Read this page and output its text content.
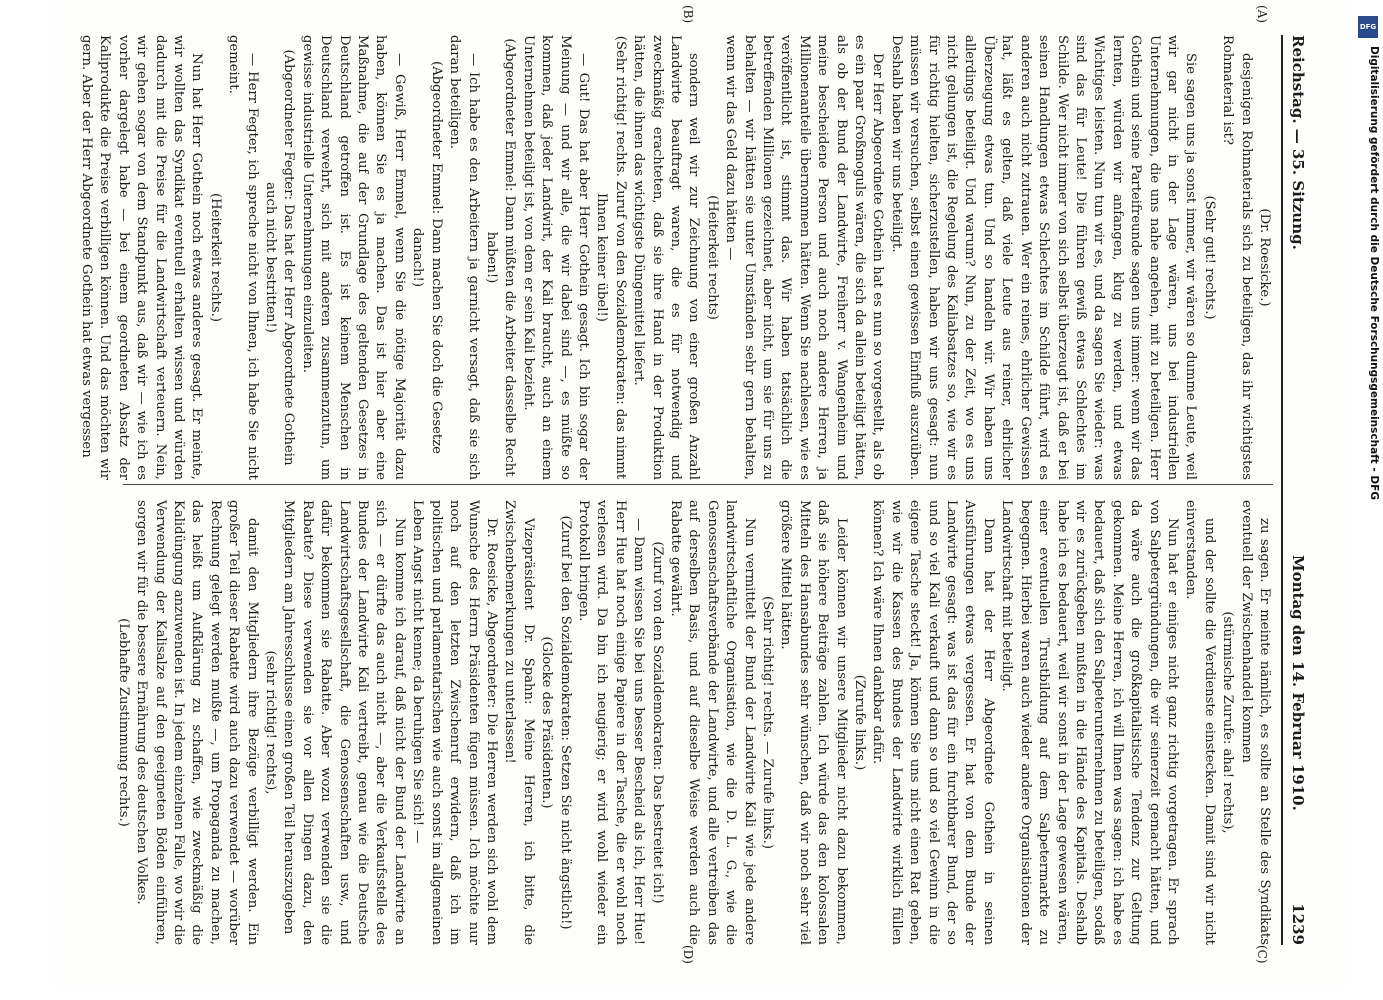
Reichstag. — 35. Sitzung.
Montag den 14. Februar 1910.
1239
(A)
(B)
(C)
(D)

(Dr. Roesicke.)

desjenigen Rohmaterials sich zu beteiligen, das ihr wichtigstes Rohmaterial ist?

(Sehr gut! rechts.)

Sie sagen uns ja sonst immer, wir wären so dumme Leute, weil wir gar nicht in der Lage wären, uns bei industriellen Unternehmungen, die uns nahe angehen, mit zu beteiligen. Herr Gothein und seine Parteifreunde sagen uns immer: wenn wir das lernten, würden wir anfangen, klug zu werden, und etwas Wichtiges leisten. Nun tun wir es, und da sagen Sie wieder: was sind das für Leute! Die führen gewiß etwas Schlechtes im Schilde. Wer nicht immer von sich selbst überzeugt ist, daß er bei seinen Handlungen etwas Schlechtes im Schilde führt, wird es anderen auch nicht zutrauen. Wer ein reines, ehrlicher Gewissen hat, läßt es gelten, daß viele Leute aus reiner, ehrlicher Überzeugung etwas tun. Und so handeln wir. Wir haben uns allerdings beteiligt. Und warum? Nun, zu der Zeit, wo es uns nicht gelungen ist, die Regelung des Kaliabsatzes so, wie wir es für richtig hielten, sicherzustellen, haben wir uns gesagt: nun müssen wir versuchen, selbst einen gewissen Einfluß auszuüben. Deshalb haben wir uns beteiligt.

Der Herr Abgeordnete Gothein hat es nun so vorgestellt, als ob es ein paar Großmoguls wären, die sich da allein beteiligt hätten, als ob der Bund der Landwirte, Freiherr v. Wangenheim und meine bescheidene Person und auch noch andere Herren, ja Millionenanteile übernommen hätten. Wenn Sie nachlesen, wie es veröffentlicht ist, stimmt das. Wir haben tatsächlich die betreffenden Millionen gezeichnet, aber nicht, um sie für uns zu behalten — wir hätten sie unter Umständen sehr gern behalten, wenn wir das Geld dazu hätten —

(Heiterkeit rechts)

sondern weil wir zur Zeichnung von einer großen Anzahl Landwirte beauftragt waren, die es für notwendig und zweckmäßig erachteten, daß sie ihre Hand in der Produktion hätten, die ihnen das wichtigste Düngemittel liefert.

(Sehr richtig! rechts. Zuruf von den Sozialdemokraten: das nimmt Ihnen keiner übel!)

— Gut! Das hat aber Herr Gothein gesagt. Ich bin sogar der Meinung — und wir alle, die wir dabei sind —, es müßte so kommen, daß jeder Landwirt, der Kali braucht, auch an einem Unternehmen beteiligt ist, von dem er sein Kali bezieht.

(Abgeordneter Emmel: Dann müßten die Arbeiter dasselbe Recht haben!)

— Ich habe es den Arbeitern ja garnicht versagt, daß sie sich daran beteiligen.

(Abgeordneter Emmel: Dann machen Sie doch die Gesetze danach!)

— Gewiß, Herr Emmel, wenn Sie die nötige Majorität dazu haben, können Sie es ja machen. Das ist hier aber eine Maßnahme, die auf der Grundlage des geltenden Gesetzes in Deutschland getroffen ist. Es ist keinem Menschen in Deutschland verwehrt, sich mit anderen zusammenzutun, um gewisse industrielle Unternehmungen einzuleiten.

(Abgeordneter Fegter: Das hat der Herr Abgeordnete Gothein auch nicht bestritten!)

— Herr Fegter, ich spreche nicht von Ihnen, ich habe Sie nicht gemeint.

(Heiterkeit rechts.)

Nun hat Herr Gothein noch etwas anderes gesagt. Er meinte, wir wollten das Syndikat eventuell erhalten wissen und würden dadurch mit die Preise für die Landwirtschaft verteuern. Nein, wir gehen sogar von dem Standpunkt aus, daß wir — wie ich es vorher dargelegt habe — bei einem geordneten Absatz der Kaliprodukte die Preise verbilligen können. Und das möchten wir gern. Aber der Herr Abgeordnete Gothein hat etwas vergessen

zu sagen. Er meinte nämlich, es sollte an Stelle des Syndikats eventuell der Zwischenhandel kommen

(stürmische Zurufe: aha! rechts),

und der sollte die Verdienste einstecken. Damit sind wir nicht einverstanden.

Nun hat er einiges nicht ganz richtig vorgetragen. Er sprach von Salpetergründungen, die wir seinerzeit gemacht hätten, und da wäre auch die großkapitalistische Tendenz zur Geltung gekommen. Meine Herren, ich will Ihnen was sagen: ich habe es bedauert, daß sich den Salpeterunternehmen zu beteiligen, sodaß wir es zurückgeben mußten in die Hände des Kapitals. Deshalb habe ich es bedauert, weil wir sonst in der Lage gewesen wären, einer eventuellen Trustbildung auf dem Salpetermarkte zu begegnen. Hierbei waren auch wieder andere Organisationen der Landwirtschaft mit beteiligt.

Dann hat der Herr Abgeordnete Gothein in seinen Ausführungen etwas vergessen. Er hat von dem Bunde der Landwirte gesagt: was ist das für ein furchtbarer Bund, der so und so viel Kali verkauft und dann so und so viel Gewinn in die eigene Tasche steckt! Ja, können Sie uns nicht einen Rat geben, wie wir die Kassen des Bundes der Landwirte wirklich füllen können? Ich wäre Ihnen dankbar dafür.

(Zurufe links.)

Leider können wir unsere Mitglieder nicht dazu bekommen, daß sie höhere Beiträge zahlen. Ich würde das den kolossalen Mitteln des Hansabundes sehr wünschen, daß wir noch sehr viel größere Mittel hätten.

(Sehr richtig! rechts. — Zurufe links.)

Nun vermittelt der Bund der Landwirte Kali wie jede andere landwirtschaftliche Organisation, wie die D. L. G., wie die Genossenschaftsverbände der Landwirte, und alle vertreiben das auf derselben Basis, und auf dieselbe Weise werden auch die Rabatte gewährt.

(Zuruf von den Sozialdemokraten: Das bestreitet ich!)

— Dann wissen Sie bei uns besser Bescheid als ich, Herr Hue! Herr Hue hat noch einige Papiere in der Tasche, die er wohl noch verlesen wird. Da bin ich neugierig; er wird wohl wieder ein Protokoll bringen.

(Zuruf bei den Sozialdemokraten: Setzen Sie nicht ängstlich!)

(Glocke des Präsidenten.)

Vizepräsident Dr. Spahn: Meine Herren, ich bitte, die Zwischenbemerkungen zu unterlassen!

Dr. Roesicke, Abgeordneter: Die Herren werden sich wohl dem Wunsche des Herrn Präsidenten fügen müssen. Ich möchte nur noch auf den letzten Zwischenruf erwidern, daß ich im politischen und parlamentarischen wie auch sonst im allgemeinen Leben Angst nicht kenne; da beruhigen Sie sich! —

Nun komme ich darauf, daß nicht der Bund der Landwirte an sich — er dürfte das auch nicht —, aber die Verkaufsstelle des Bundes der Landwirte Kali vertreibt, genau wie die Deutsche Landwirtschaftsgesellschaft, die Genossenschaften usw., und dafür bekommen sie Rabatte. Aber wozu verwenden sie die Rabatte? Diese verwenden sie vor allen Dingen dazu, den Mitgliedern am Jahresschlusse einen großen Teil herauszugeben

(sehr richtig! rechts),

damit den Mitgliedern ihre Bezüge verbilligt werden. Ein großer Teil dieser Rabatte wird auch dazu verwendet — worüber Rechnung gelegt werden mußte —, um Propaganda zu machen, das heißt um Aufklärung zu schaffen, wie zweckmäßig die Kalidüngung anzuwenden ist. In jedem einzelnen Falle, wo wir die Verwendung der Kalisalze auf den geeigneten Böden einführen, sorgen wir für die bessere Ernährung des deutschen Volkes.

(Lebhafte Zustimmung rechts.)

DFG
Digitalisierung gefördert durch die Deutsche Forschungsgemeinschaft - DFG
